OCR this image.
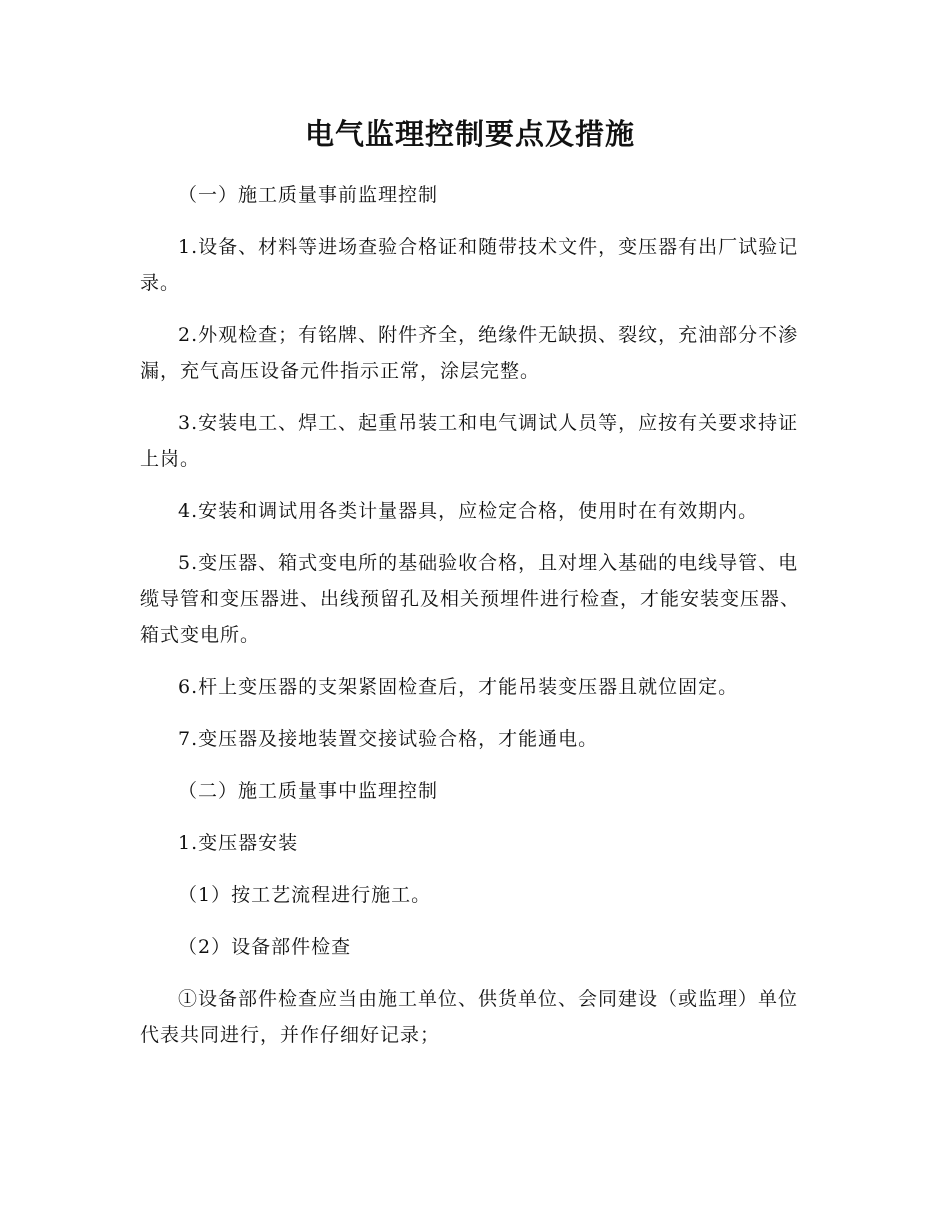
电气监理控制要点及措施

（一）施工质量事前监理控制

1.设备、材料等进场查验合格证和随带技术文件，变压器有出厂试验记录。

2.外观检查；有铭牌、附件齐全，绝缘件无缺损、裂纹，充油部分不渗漏，充气高压设备元件指示正常，涂层完整。

3.安装电工、焊工、起重吊装工和电气调试人员等，应按有关要求持证上岗。

4.安装和调试用各类计量器具，应检定合格，使用时在有效期内。

5.变压器、箱式变电所的基础验收合格，且对埋入基础的电线导管、电缆导管和变压器进、出线预留孔及相关预埋件进行检查，才能安装变压器、箱式变电所。

6.杆上变压器的支架紧固检查后，才能吊装变压器且就位固定。

7.变压器及接地装置交接试验合格，才能通电。

（二）施工质量事中监理控制

1.变压器安装

（1）按工艺流程进行施工。

（2）设备部件检查

①设备部件检查应当由施工单位、供货单位、会同建设（或监理）单位代表共同进行，并作仔细好记录；
